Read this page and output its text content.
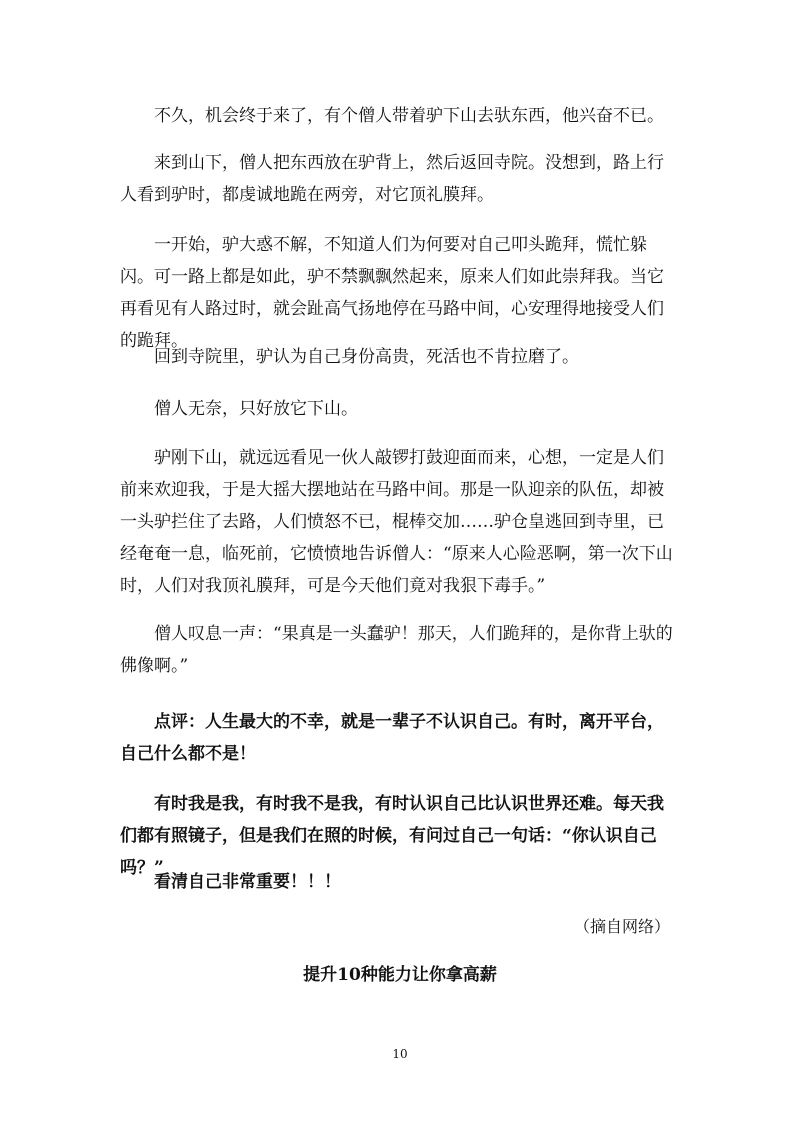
不久，机会终于来了，有个僧人带着驴下山去驮东西，他兴奋不已。

来到山下，僧人把东西放在驴背上，然后返回寺院。没想到，路上行人看到驴时，都虔诚地跪在两旁，对它顶礼膜拜。

一开始，驴大惑不解，不知道人们为何要对自己叩头跪拜，慌忙躲闪。可一路上都是如此，驴不禁飘飘然起来，原来人们如此崇拜我。当它再看见有人路过时，就会趾高气扬地停在马路中间，心安理得地接受人们的跪拜。

回到寺院里，驴认为自己身份高贵，死活也不肯拉磨了。

僧人无奈，只好放它下山。

驴刚下山，就远远看见一伙人敲锣打鼓迎面而来，心想，一定是人们前来欢迎我，于是大摇大摆地站在马路中间。那是一队迎亲的队伍，却被一头驴拦住了去路，人们愤怒不已，棍棒交加……驴仓皇逃回到寺里，已经奄奄一息，临死前，它愤愤地告诉僧人：“原来人心险恶啊，第一次下山时，人们对我顶礼膜拜，可是今天他们竟对我狠下毒手。”

僧人叹息一声：“果真是一头蠢驴！那天，人们跪拜的，是你背上驮的佛像啊。”

点评：人生最大的不幸，就是一辈子不认识自己。有时，离开平台，自己什么都不是！

有时我是我，有时我不是我，有时认识自己比认识世界还难。每天我们都有照镜子，但是我们在照的时候，有问过自己一句话：“你认识自己吗？”

看清自己非常重要！！！

（摘自网络）

提升10种能力让你拿高薪

10
